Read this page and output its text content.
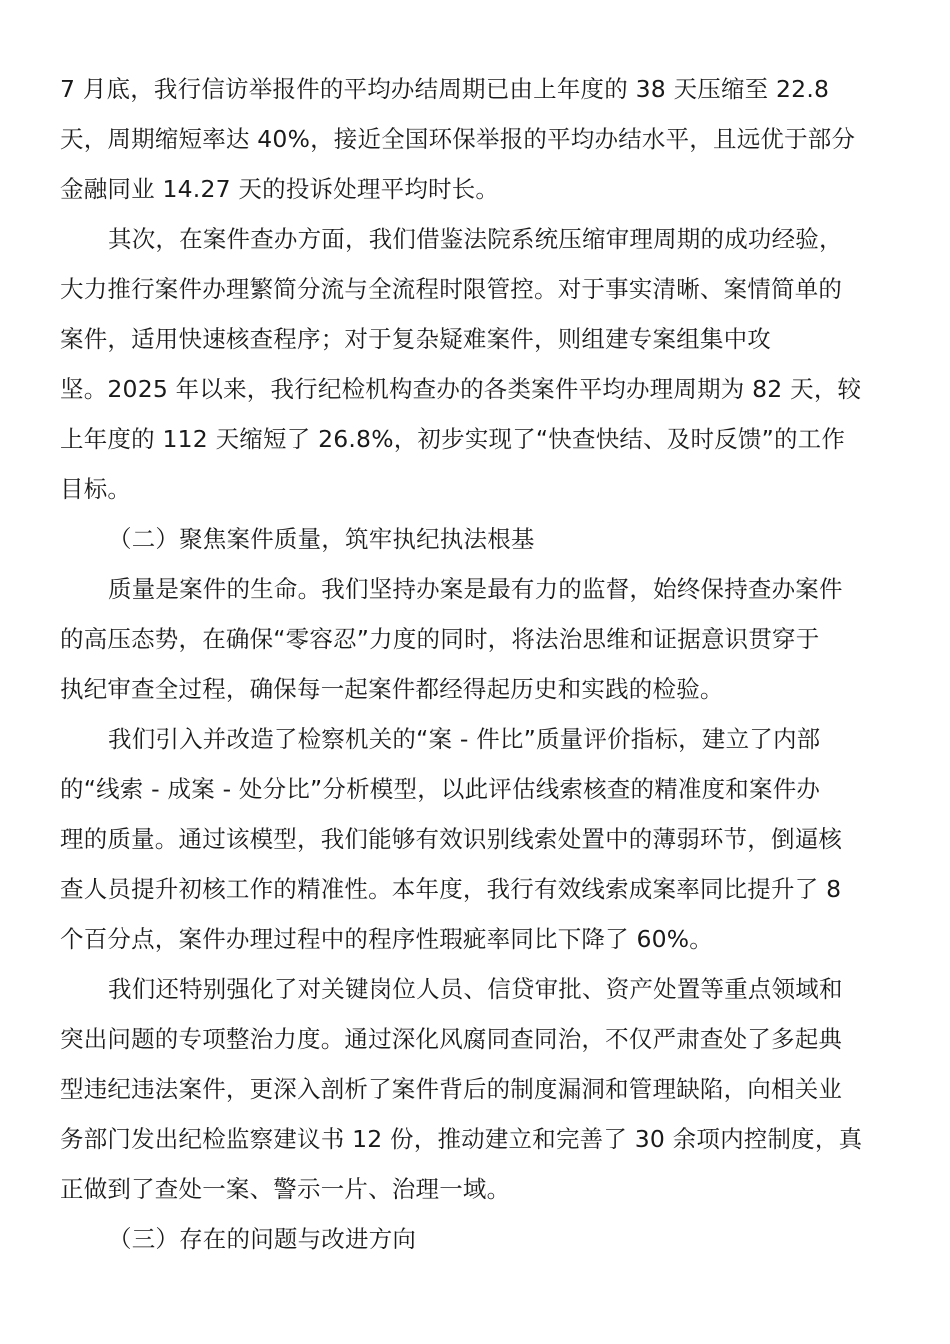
7 月底，我行信访举报件的平均办结周期已由上年度的 38 天压缩至 22.8

天，周期缩短率达 40%，接近全国环保举报的平均办结水平，且远优于部分

金融同业 14.27 天的投诉处理平均时长。

其次，在案件查办方面，我们借鉴法院系统压缩审理周期的成功经验，

大力推行案件办理繁简分流与全流程时限管控。对于事实清晰、案情简单的

案件，适用快速核查程序；对于复杂疑难案件，则组建专案组集中攻

坚。2025 年以来，我行纪检机构查办的各类案件平均办理周期为 82 天，较

上年度的 112 天缩短了 26.8%，初步实现了“快查快结、及时反馈”的工作

目标。

（二）聚焦案件质量，筑牢执纪执法根基

质量是案件的生命。我们坚持办案是最有力的监督，始终保持查办案件

的高压态势，在确保“零容忍”力度的同时，将法治思维和证据意识贯穿于

执纪审查全过程，确保每一起案件都经得起历史和实践的检验。

我们引入并改造了检察机关的“案 - 件比”质量评价指标，建立了内部

的“线索 - 成案 - 处分比”分析模型，以此评估线索核查的精准度和案件办

理的质量。通过该模型，我们能够有效识别线索处置中的薄弱环节，倒逼核

查人员提升初核工作的精准性。本年度，我行有效线索成案率同比提升了 8

个百分点，案件办理过程中的程序性瑕疵率同比下降了 60%。

我们还特别强化了对关键岗位人员、信贷审批、资产处置等重点领域和

突出问题的专项整治力度。通过深化风腐同查同治，不仅严肃查处了多起典

型违纪违法案件，更深入剖析了案件背后的制度漏洞和管理缺陷，向相关业

务部门发出纪检监察建议书 12 份，推动建立和完善了 30 余项内控制度，真

正做到了查处一案、警示一片、治理一域。

（三）存在的问题与改进方向
